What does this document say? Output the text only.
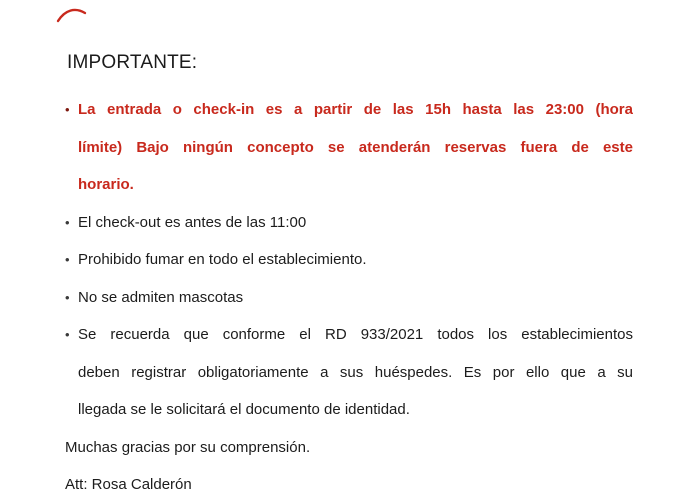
IMPORTANTE:
• La entrada o check-in es a partir de las 15h hasta las 23:00 (hora
límite) Bajo ningún concepto se atenderán reservas fuera de este
horario.
• El check-out es antes de las 11:00
• Prohibido fumar en todo el establecimiento.
• No se admiten mascotas
• Se recuerda que conforme el RD 933/2021 todos los establecimientos
deben registrar obligatoriamente a sus huéspedes. Es por ello que a su
llegada se le solicitará el documento de identidad.
Muchas gracias por su comprensión.
Att: Rosa Calderón
